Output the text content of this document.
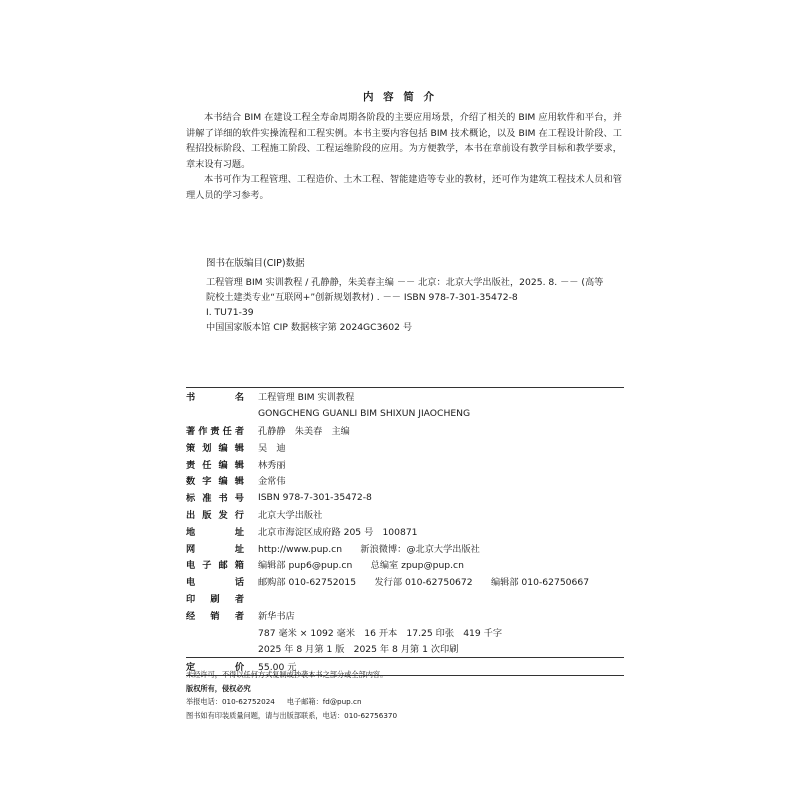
内 容 简 介

本书结合 BIM 在建设工程全寿命周期各阶段的主要应用场景，介绍了相关的 BIM 应用软件和平台，并讲解了详细的软件实操流程和工程实例。本书主要内容包括 BIM 技术概论，以及 BIM 在工程设计阶段、工程招投标阶段、工程施工阶段、工程运维阶段的应用。为方便教学，本书在章前设有教学目标和教学要求，章末设有习题。

本书可作为工程管理、工程造价、土木工程、智能建造等专业的教材，还可作为建筑工程技术人员和管理人员的学习参考。

图书在版编目(CIP)数据
工程管理 BIM 实训教程 / 孔静静，朱美春主编 －－ 北京：北京大学出版社，2025. 8. －－ (高等
院校土建类专业“互联网+”创新规划教材) . －－ ISBN 978-7-301-35472-8
Ⅰ. TU71-39
中国国家版本馆 CIP 数据核字第 2024GC3602 号
书	名 工程管理 BIM 实训教程
GONGCHENG GUANLI BIM SHIXUN JIAOCHENG
著 作 责 任 者 孔静静　朱美春　主编
策 划 编 辑 吴　迪
责 任 编 辑 林秀丽
数 字 编 辑 金常伟
标 准 书 号 ISBN 978-7-301-35472-8
出 版 发 行 北京大学出版社
地	址 北京市海淀区成府路 205 号　100871
网	址 http://www.pup.cn　　新浪微博：@北京大学出版社
电 子 邮 箱 编辑部 pup6@pup.cn　　总编室 zpup@pup.cn
电	话 邮购部 010-62752015　　发行部 010-62750672　　编辑部 010-62750667
印 刷 者
经 销 者 新华书店
787 毫米 × 1092 毫米　16 开本　17.25 印张　419 千字
2025 年 8 月第 1 版　2025 年 8 月第 1 次印刷
定	价 55.00 元
未经许可，不得以任何方式复制或抄袭本书之部分或全部内容。
版权所有，侵权必究
举报电话：010-62752024 电子邮箱：fd@pup.cn
图书如有印装质量问题，请与出版部联系，电话：010-62756370
